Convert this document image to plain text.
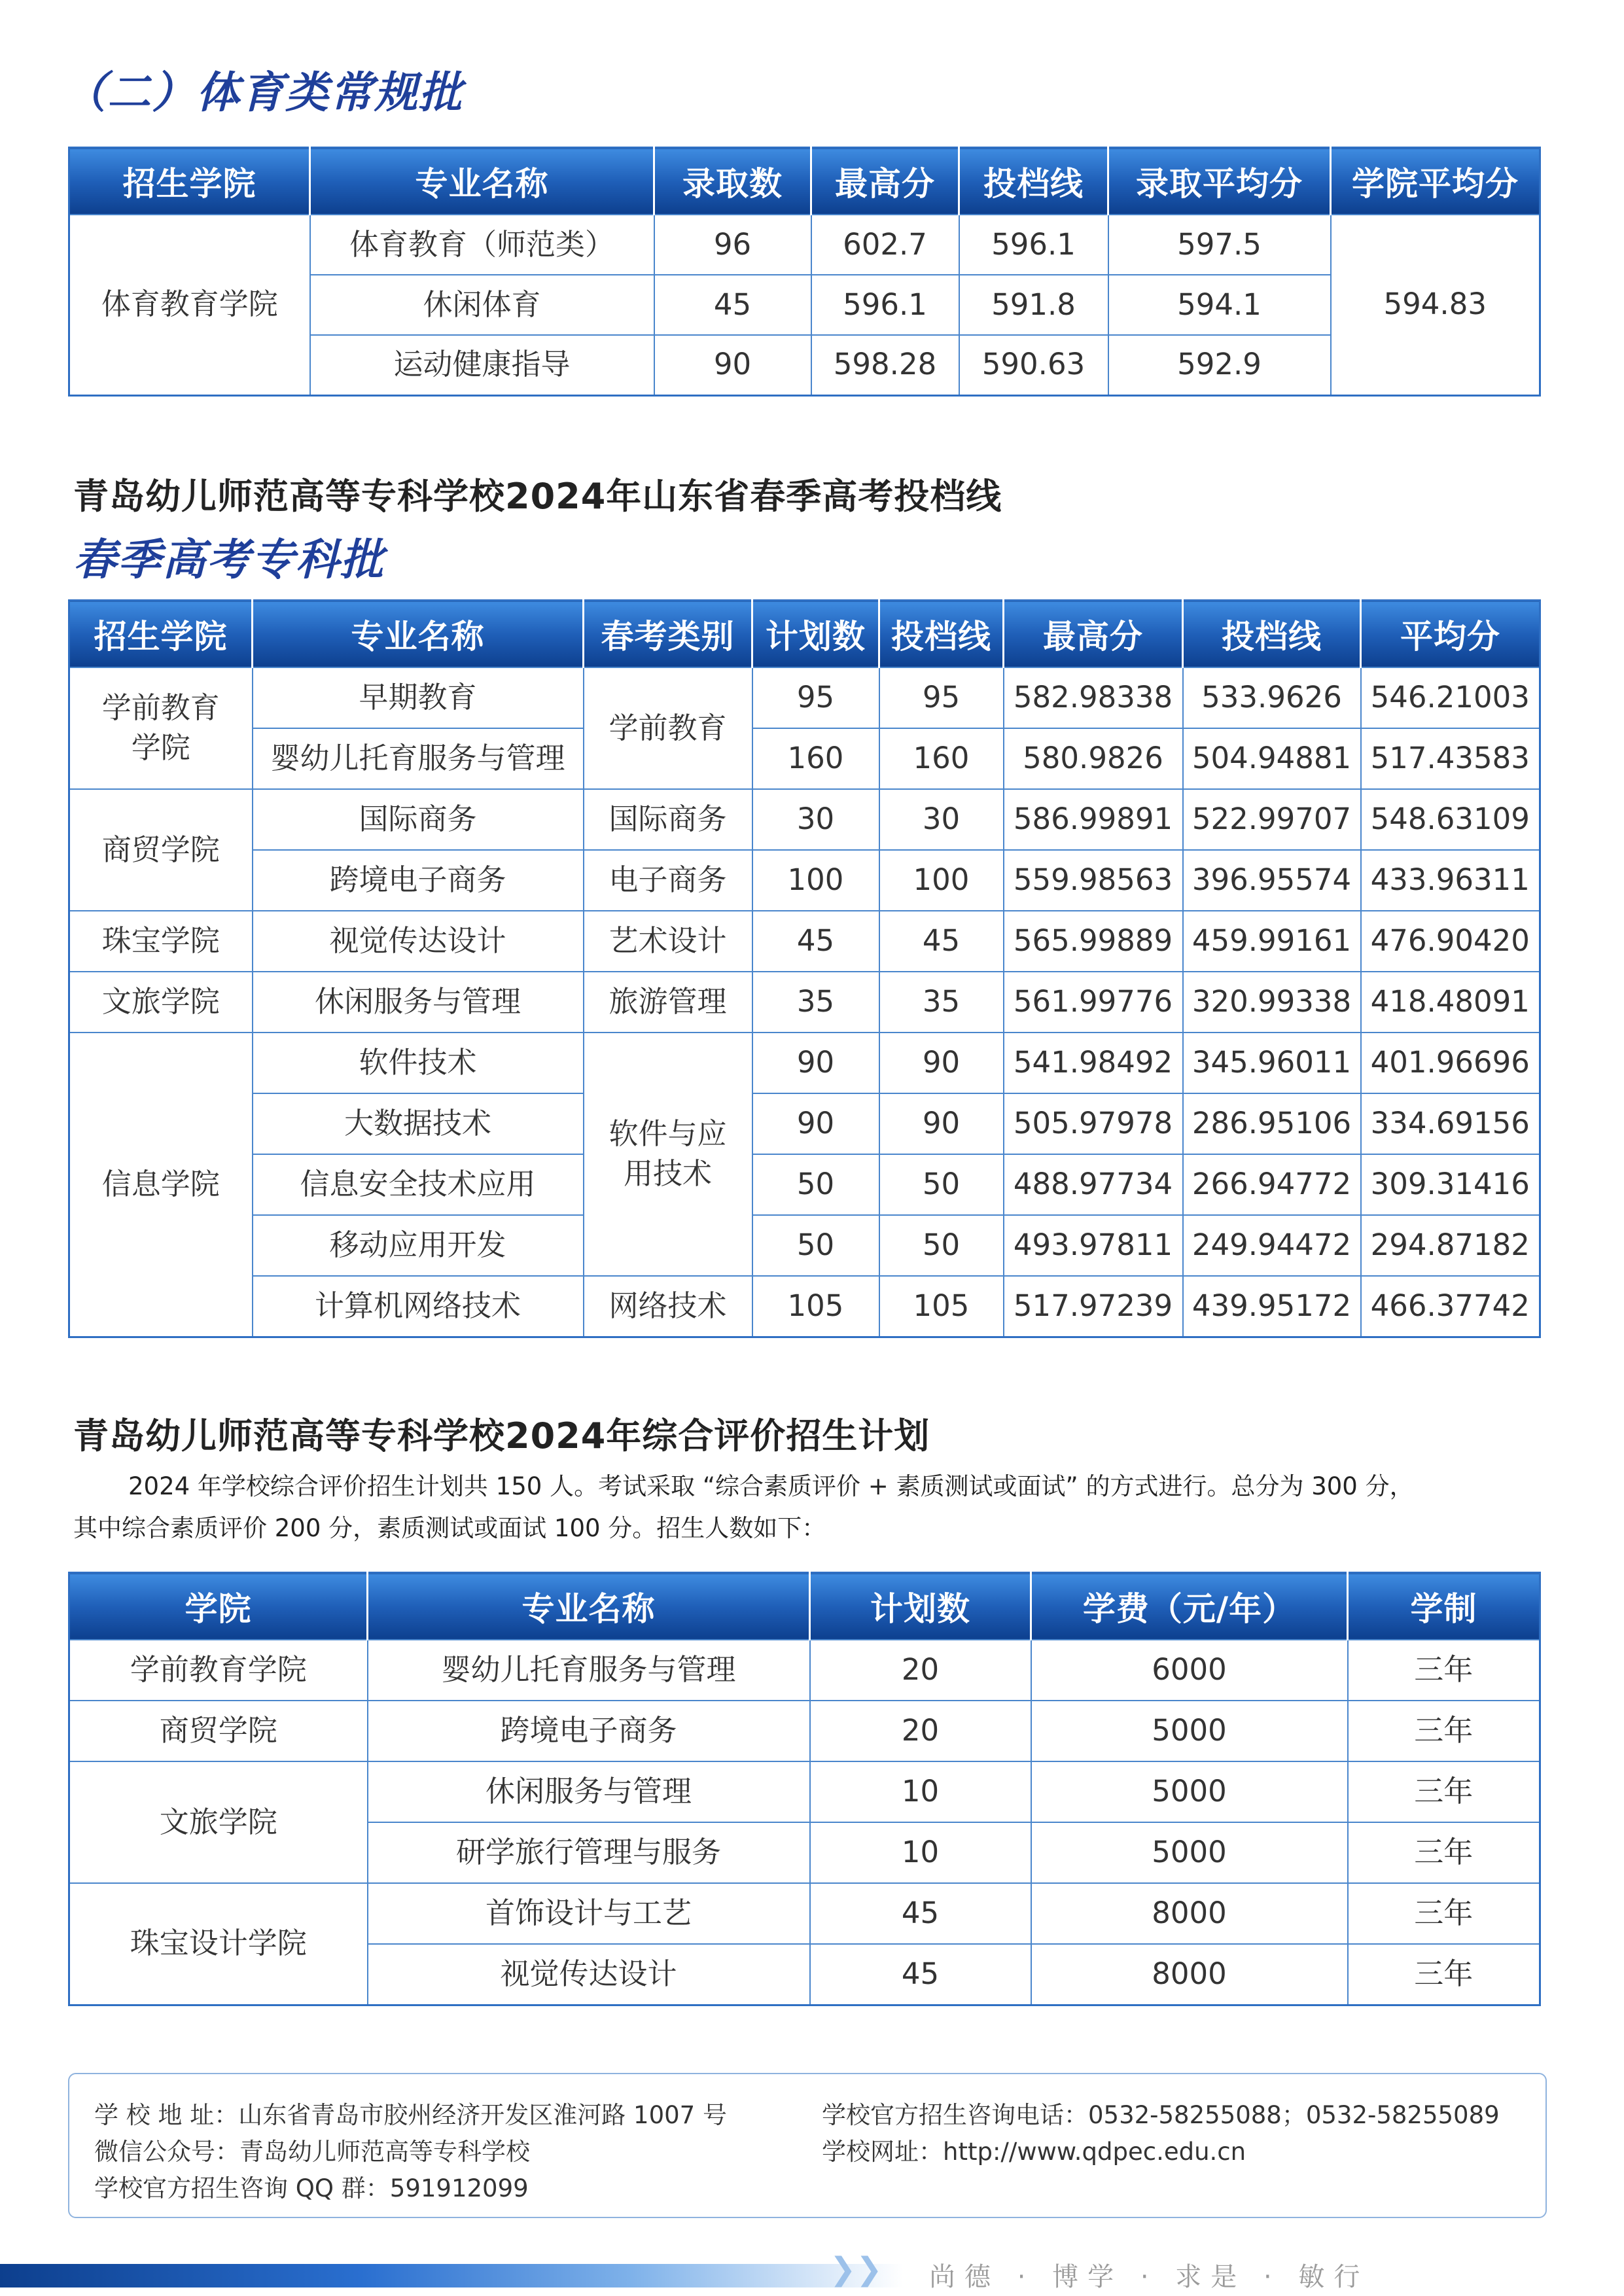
（二）体育类常规批
招生学院	专业名称	录取数	最高分	投档线	录取平均分	学院平均分
体育教育学院	体育教育（师范类）	96	602.7	596.1	597.5	594.83
	休闲体育	45	596.1	591.8	594.1	
	运动健康指导	90	598.28	590.63	592.9	
青岛幼儿师范高等专科学校2024年山东省春季高考投档线
春季高考专科批
招生学院	专业名称	春考类别	计划数	投档线	最高分	投档线	平均分
学前教育学院	早期教育	学前教育	95	95	582.98338	533.9626	546.21003
	婴幼儿托育服务与管理		160	160	580.9826	504.94881	517.43583
商贸学院	国际商务	国际商务	30	30	586.99891	522.99707	548.63109
	跨境电子商务	电子商务	100	100	559.98563	396.95574	433.96311
珠宝学院	视觉传达设计	艺术设计	45	45	565.99889	459.99161	476.90420
文旅学院	休闲服务与管理	旅游管理	35	35	561.99776	320.99338	418.48091
信息学院	软件技术	软件与应用技术	90	90	541.98492	345.96011	401.96696
	大数据技术		90	90	505.97978	286.95106	334.69156
	信息安全技术应用		50	50	488.97734	266.94772	309.31416
	移动应用开发		50	50	493.97811	249.94472	294.87182
	计算机网络技术	网络技术	105	105	517.97239	439.95172	466.37742
青岛幼儿师范高等专科学校2024年综合评价招生计划
2024 年学校综合评价招生计划共 150 人。考试采取 “综合素质评价 + 素质测试或面试” 的方式进行。总分为 300 分，
其中综合素质评价 200 分，素质测试或面试 100 分。招生人数如下：
学院	专业名称	计划数	学费（元/年）	学制
学前教育学院	婴幼儿托育服务与管理	20	6000	三年
商贸学院	跨境电子商务	20	5000	三年
文旅学院	休闲服务与管理	10	5000	三年
	研学旅行管理与服务	10	5000	三年
珠宝设计学院	首饰设计与工艺	45	8000	三年
	视觉传达设计	45	8000	三年
学 校 地 址：山东省青岛市胶州经济开发区淮河路 1007 号	学校官方招生咨询电话：0532-58255088；0532-58255089
微信公众号：青岛幼儿师范高等专科学校	学校网址：http://www.qdpec.edu.cn
学校官方招生咨询 QQ 群：591912099
❯❯ 尚德 · 博学 · 求是 · 敏行
